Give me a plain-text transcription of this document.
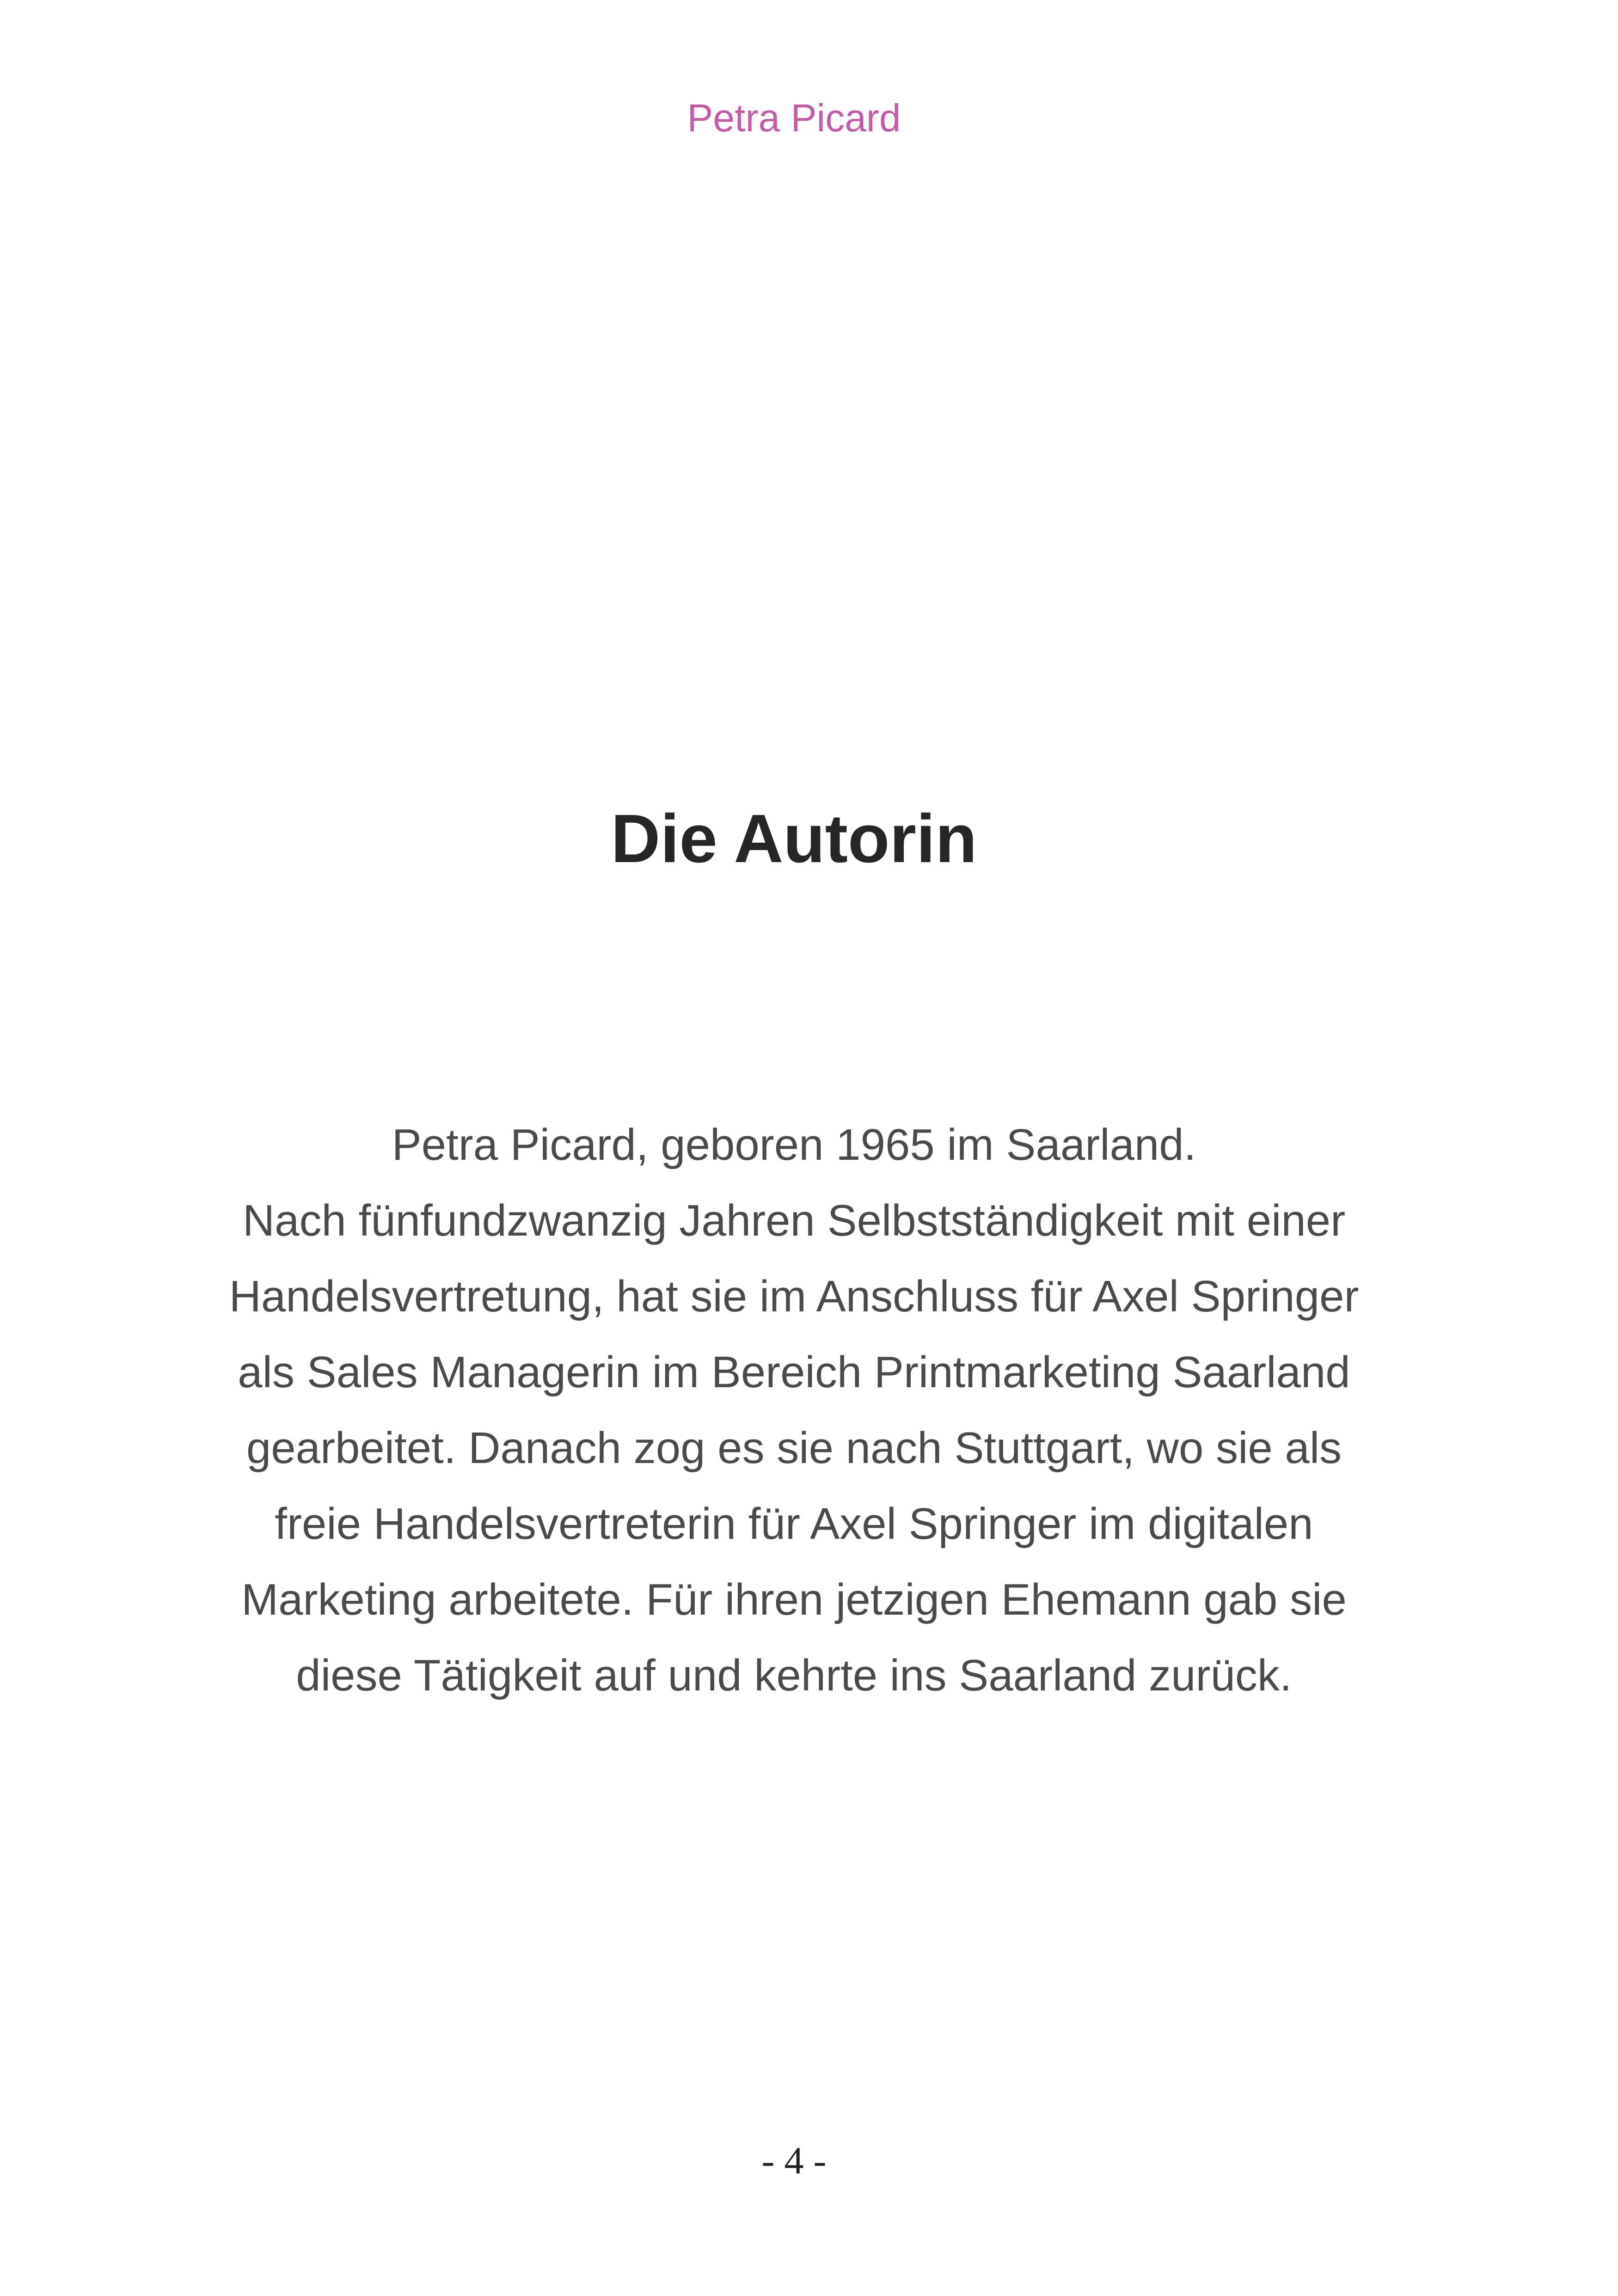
Petra Picard
Die Autorin
Petra Picard, geboren 1965 im Saarland.
Nach fünfundzwanzig Jahren Selbstständigkeit mit einer
Handelsvertretung, hat sie im Anschluss für Axel Springer
als Sales Managerin im Bereich Printmarketing Saarland
gearbeitet. Danach zog es sie nach Stuttgart, wo sie als
freie Handelsvertreterin für Axel Springer im digitalen
Marketing arbeitete. Für ihren jetzigen Ehemann gab sie
diese Tätigkeit auf und kehrte ins Saarland zurück.
- 4 -
